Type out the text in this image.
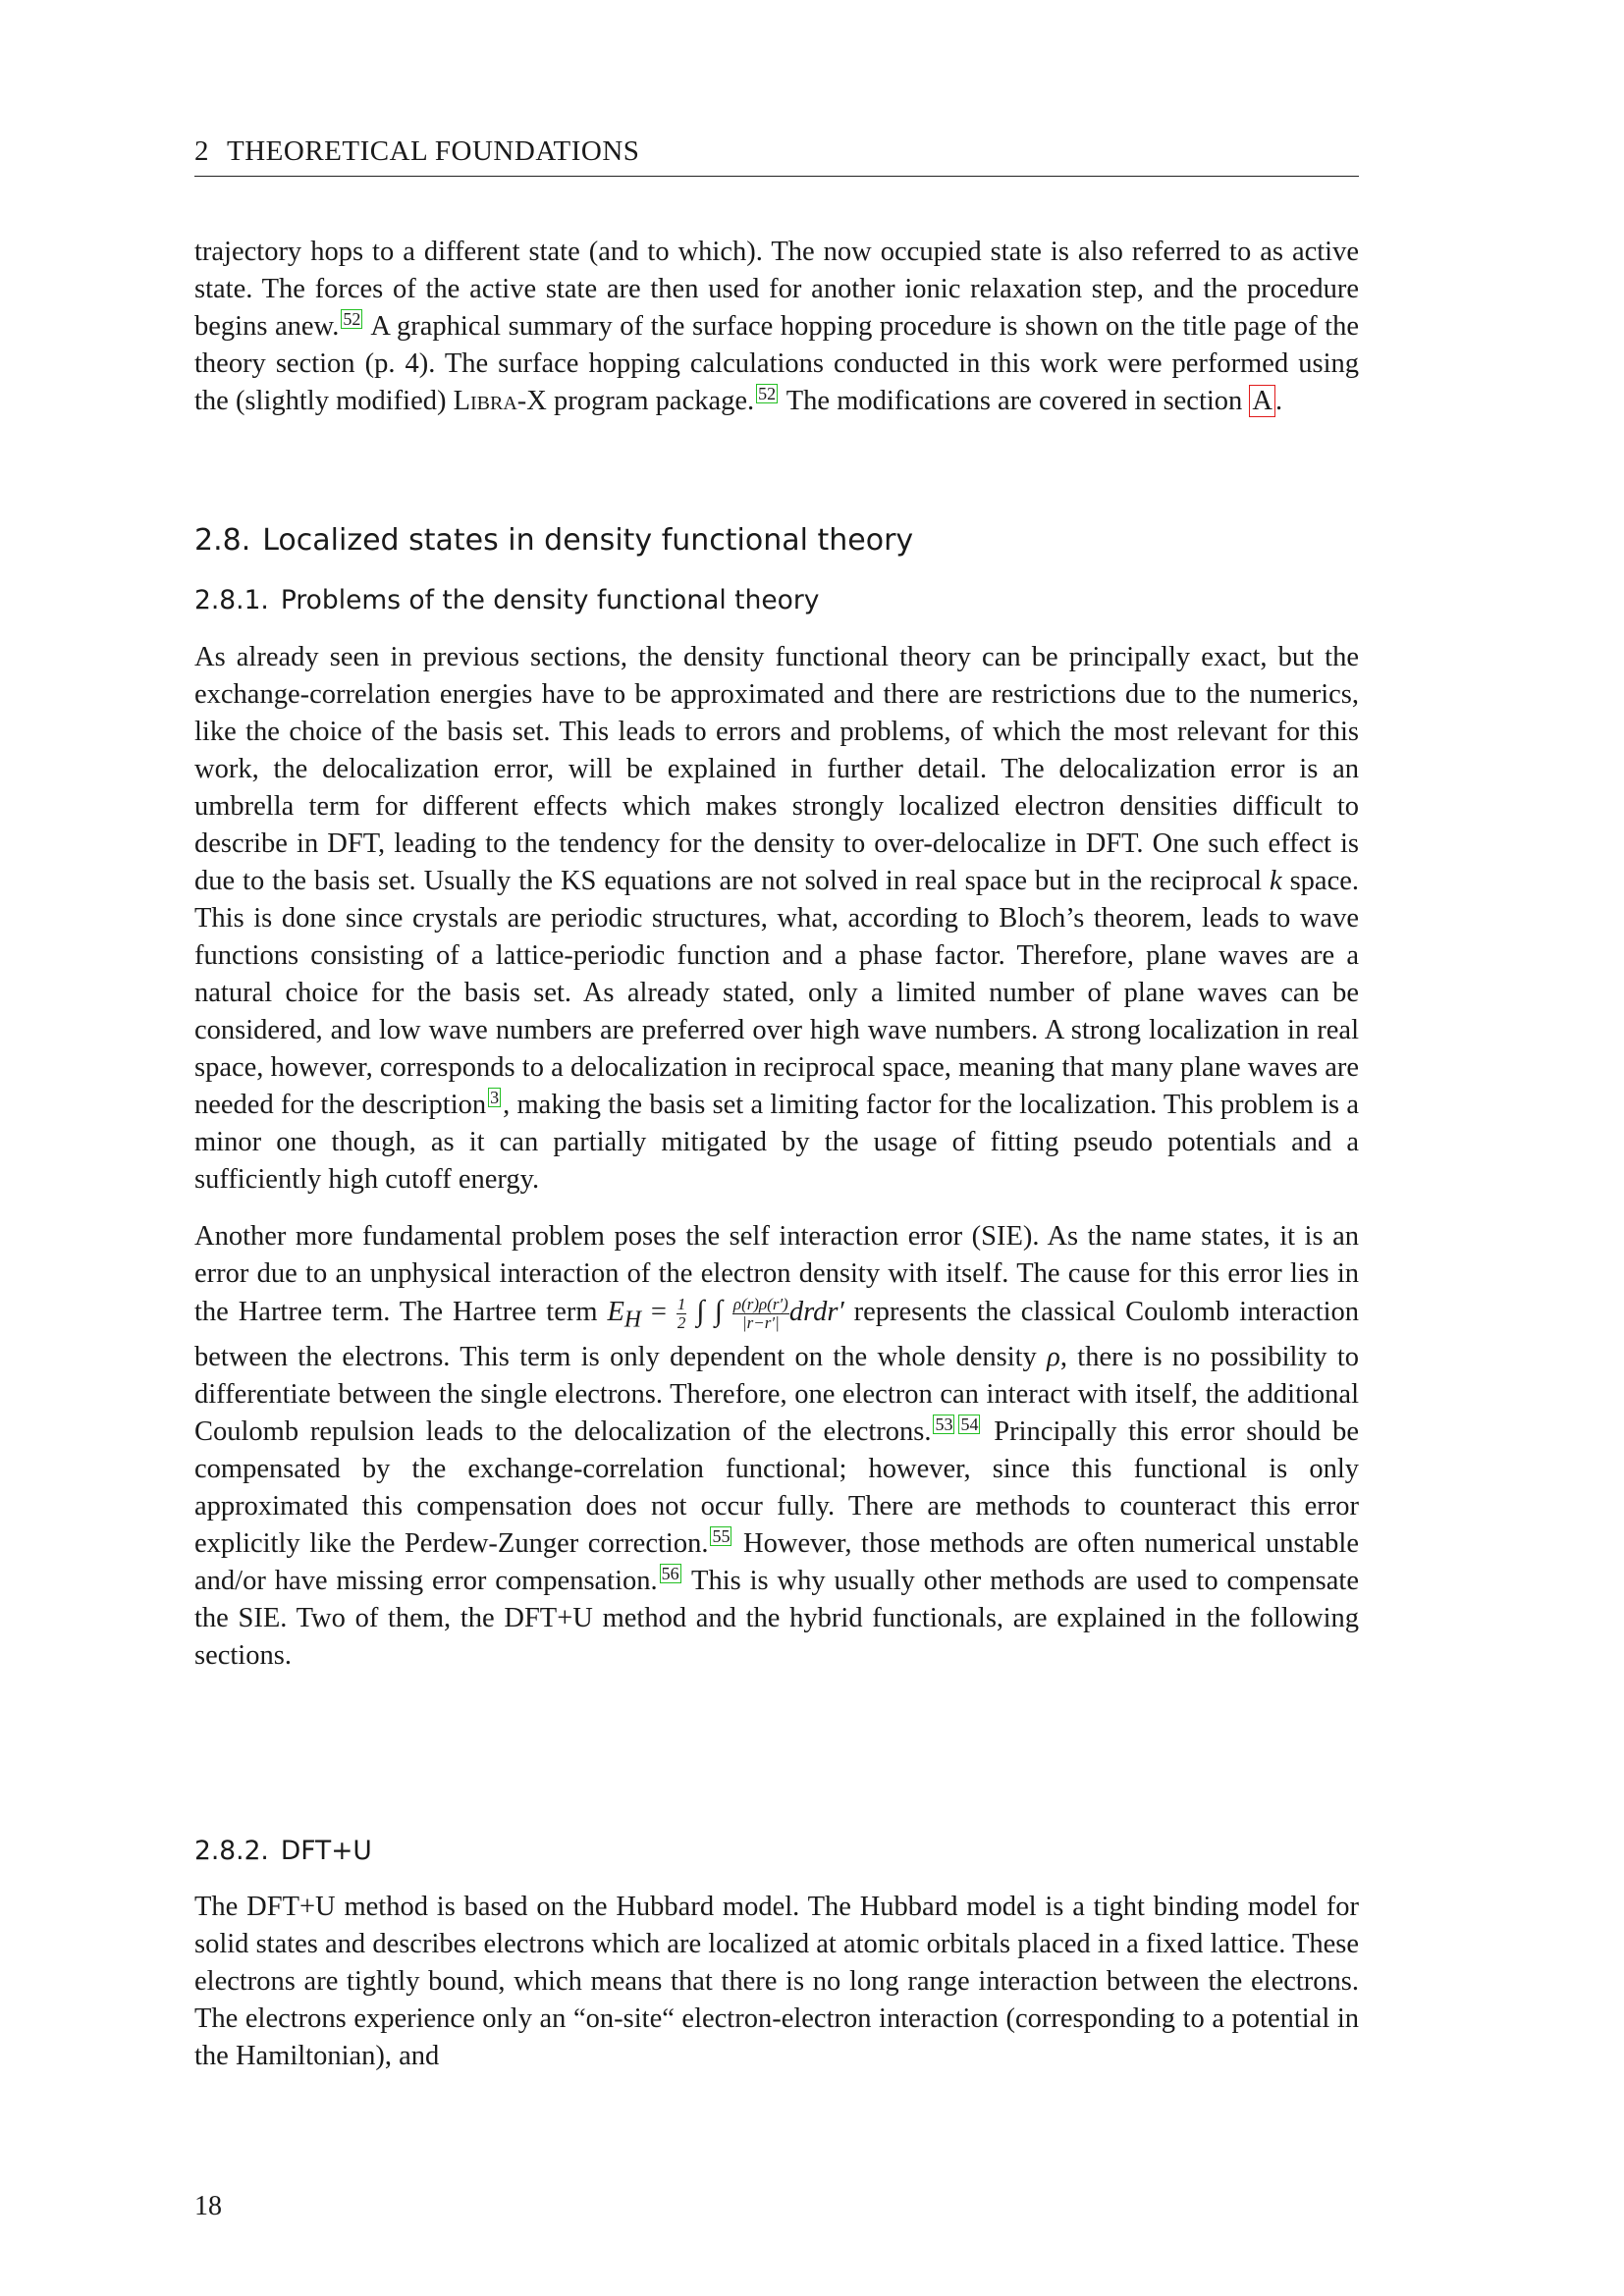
2 THEORETICAL FOUNDATIONS

trajectory hops to a different state (and to which). The now occupied state is also referred to as active state. The forces of the active state are then used for another ionic relaxation step, and the procedure begins anew. 52 A graphical summary of the surface hopping procedure is shown on the title page of the theory section (p. 4). The surface hopping calculations conducted in this work were performed using the (slightly modified) Libra-X program package. 52 The modifications are covered in section A .

2.8. Localized states in density functional theory
2.8.1. Problems of the density functional theory

As already seen in previous sections, the density functional theory can be principally exact, but the exchange-correlation energies have to be approximated and there are restrictions due to the numerics, like the choice of the basis set. This leads to errors and problems, of which the most relevant for this work, the delocalization error, will be explained in further detail. The delocalization error is an umbrella term for different effects which makes strongly localized electron densities difficult to describe in DFT, leading to the tendency for the density to over-delocalize in DFT. One such effect is due to the basis set. Usually the KS equations are not solved in real space but in the reciprocal k space. This is done since crystals are periodic structures, what, according to Bloch’s theorem, leads to wave functions consisting of a lattice-periodic function and a phase factor. Therefore, plane waves are a natural choice for the basis set. As already stated, only a limited number of plane waves can be considered, and low wave numbers are preferred over high wave numbers. A strong localization in real space, however, corresponds to a delocalization in reciprocal space, meaning that many plane waves are needed for the description 3 , making the basis set a limiting factor for the localization. This problem is a minor one though, as it can partially mitigated by the usage of fitting pseudo potentials and a sufficiently high cutoff energy.

Another more fundamental problem poses the self interaction error (SIE). As the name states, it is an error due to an unphysical interaction of the electron density with itself. The cause for this error lies in the Hartree term. The Hartree term $E_H = \frac{1}{2}$ ∫ ∫ $\frac{\rho(r)\rho(r')}{|r-r'|}$ drdr′ represents the classical Coulomb interaction between the electrons. This term is only dependent on the whole density ρ, there is no possibility to differentiate between the single electrons. Therefore, one electron can interact with itself, the additional Coulomb repulsion leads to the delocalization of the electrons. 53 54 Principally this error should be compensated by the exchange-correlation functional; however, since this functional is only approximated this compensation does not occur fully. There are methods to counteract this error explicitly like the Perdew-Zunger correction. 55 However, those methods are often numerical unstable and/or have missing error compensation. 56 This is why usually other methods are used to compensate the SIE. Two of them, the DFT+U method and the hybrid functionals, are explained in the following sections.

2.8.2. DFT+U

The DFT+U method is based on the Hubbard model. The Hubbard model is a tight binding model for solid states and describes electrons which are localized at atomic orbitals placed in a fixed lattice. These electrons are tightly bound, which means that there is no long range interaction between the electrons. The electrons experience only an “on-site“ electron-electron interaction (corresponding to a potential in the Hamiltonian), and

18
